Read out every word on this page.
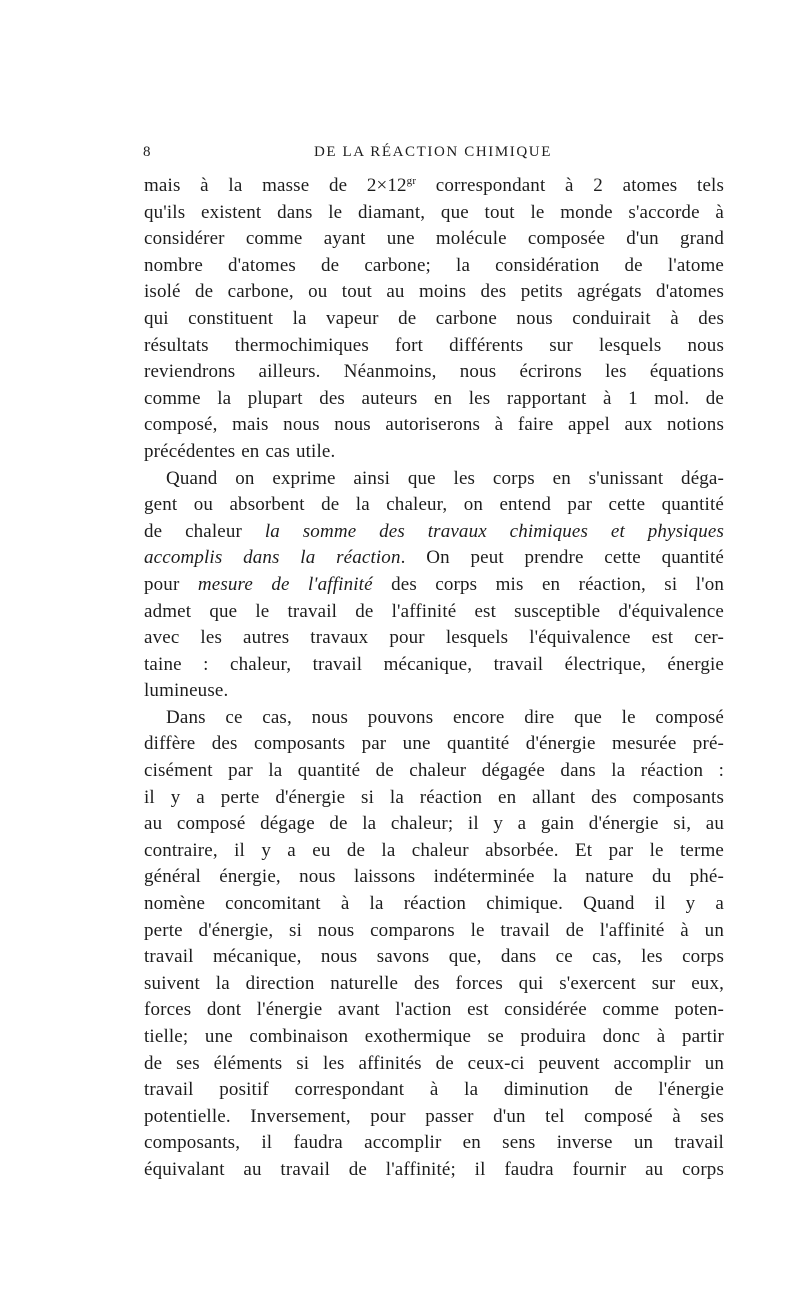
8	DE LA RÉACTION CHIMIQUE
mais à la masse de $2\times 12^{gr}$ correspondant à 2 atomes tels
qu'ils existent dans le diamant, que tout le monde s'accorde à
considérer comme ayant une molécule composée d'un grand
nombre d'atomes de carbone; la considération de l'atome
isolé de carbone, ou tout au moins des petits agrégats d'atomes
qui constituent la vapeur de carbone nous conduirait à des
résultats thermochimiques fort différents sur lesquels nous
reviendrons ailleurs. Néanmoins, nous écrirons les équations
comme la plupart des auteurs en les rapportant à 1 mol. de
composé, mais nous nous autoriserons à faire appel aux notions
précédentes en cas utile.
Quand on exprime ainsi que les corps en s'unissant déga-
gent ou absorbent de la chaleur, on entend par cette quantité
de chaleur la somme des travaux chimiques et physiques
accomplis dans la réaction. On peut prendre cette quantité
pour mesure de l'affinité des corps mis en réaction, si l'on
admet que le travail de l'affinité est susceptible d'équivalence
avec les autres travaux pour lesquels l'équivalence est cer-
taine : chaleur, travail mécanique, travail électrique, énergie
lumineuse.
Dans ce cas, nous pouvons encore dire que le composé
diffère des composants par une quantité d'énergie mesurée pré-
cisément par la quantité de chaleur dégagée dans la réaction :
il y a perte d'énergie si la réaction en allant des composants
au composé dégage de la chaleur; il y a gain d'énergie si, au
contraire, il y a eu de la chaleur absorbée. Et par le terme
général énergie, nous laissons indéterminée la nature du phé-
nomène concomitant à la réaction chimique. Quand il y a
perte d'énergie, si nous comparons le travail de l'affinité à un
travail mécanique, nous savons que, dans ce cas, les corps
suivent la direction naturelle des forces qui s'exercent sur eux,
forces dont l'énergie avant l'action est considérée comme poten-
tielle; une combinaison exothermique se produira donc à partir
de ses éléments si les affinités de ceux-ci peuvent accomplir un
travail positif correspondant à la diminution de l'énergie
potentielle. Inversement, pour passer d'un tel composé à ses
composants, il faudra accomplir en sens inverse un travail
équivalant au travail de l'affinité; il faudra fournir au corps
